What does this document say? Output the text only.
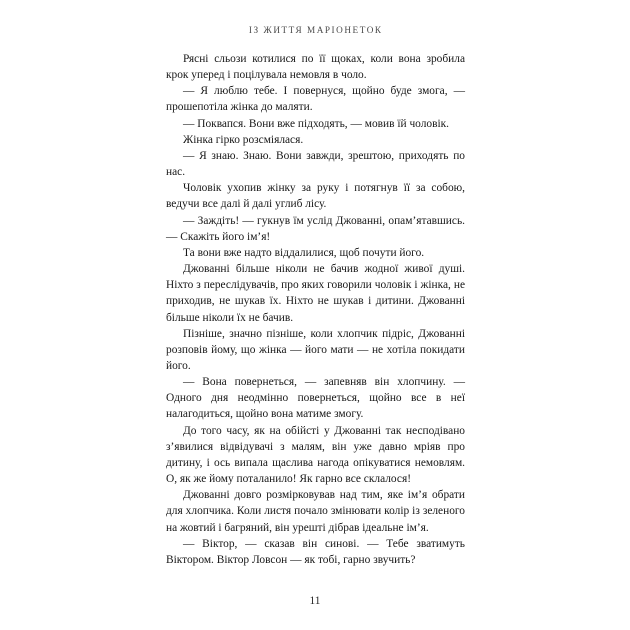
ІЗ ЖИТТЯ МАРІОНЕТОК

Рясні сльози котилися по її щоках, коли вона зробила крок уперед і поцілувала немовля в чоло.

— Я люблю тебе. І повернуся, щойно буде змога, — прошепотіла жінка до маляти.

— Поквапся. Вони вже підходять, — мовив їй чоловік.

Жінка гірко розсміялася.

— Я знаю. Знаю. Вони завжди, зрештою, приходять по нас.

Чоловік ухопив жінку за руку і потягнув її за собою, ведучи все далі й далі углиб лісу.

— Заждіть! — гукнув їм услід Джованні, опам’ятавшись. — Скажіть його ім’я!

Та вони вже надто віддалилися, щоб почути його.

Джованні більше ніколи не бачив жодної живої душі. Ніхто з переслідувачів, про яких говорили чоловік і жінка, не приходив, не шукав їх. Ніхто не шукав і дитини. Джованні більше ніколи їх не бачив.

Пізніше, значно пізніше, коли хлопчик підріс, Джованні розповів йому, що жінка — його мати — не хотіла покидати його.

— Вона повернеться, — запевняв він хлопчину. — Одного дня неодмінно повернеться, щойно все в неї налагодиться, щойно вона матиме змогу.

До того часу, як на обійсті у Джованні так несподівано з’явилися відвідувачі з малям, він уже давно мріяв про дитину, і ось випала щаслива нагода опікуватися немовлям. О, як же йому поталанило! Як гарно все склалося!

Джованні довго розмірковував над тим, яке ім’я обрати для хлопчика. Коли листя почало змінювати колір із зеленого на жовтий і багряний, він урешті дібрав ідеальне ім’я.

— Віктор, — сказав він синові. — Тебе зватимуть Віктором. Віктор Ловсон — як тобі, гарно звучить?

11
